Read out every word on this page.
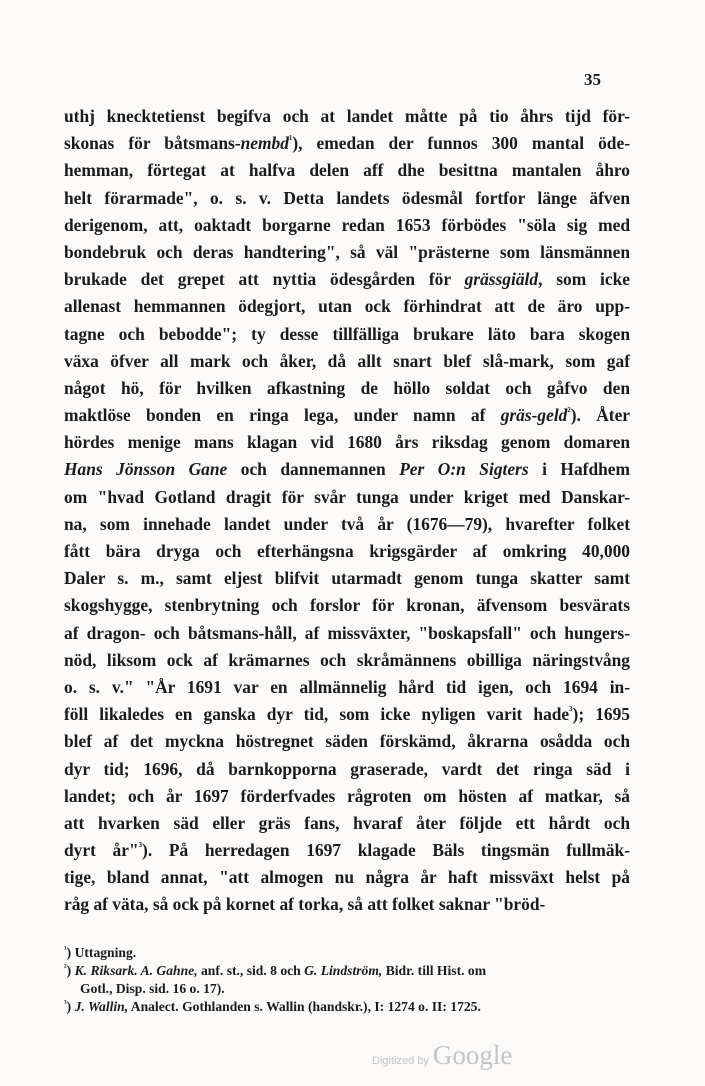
35
uthj knecktetienst begifva och at landet måtte på tio åhrs tijd för-
skonas för båtsmans-nembd$^{^1}$), emedan der funnos 300 mantal öde-
hemman, förtegat at halfva delen aff dhe besittna mantalen åhro
helt förarmade", o. s. v. Detta landets ödesmål fortfor länge äfven
derigenom, att, oaktadt borgarne redan 1653 förbödes "söla sig med
bondebruk och deras handtering", så väl "prästerne som länsmännen
brukade det grepet att nyttia ödesgården för grässgiäld, som icke
allenast hemmannen ödegjort, utan ock förhindrat att de äro upp-
tagne och bebodde"; ty desse tillfälliga brukare läto bara skogen
växa öfver all mark och åker, då allt snart blef slå-mark, som gaf
något hö, för hvilken afkastning de höllo soldat och gåfvo den
maktlöse bonden en ringa lega, under namn af gräs-geld$^{^2}$). Åter
hördes menige mans klagan vid 1680 års riksdag genom domaren
Hans Jönsson Gane och dannemannen Per O:n Sigters i Hafdhem
om "hvad Gotland dragit för svår tunga under kriget med Danskar-
na, som innehade landet under två år (1676—79), hvarefter folket
fått bära dryga och efterhängsna krigsgärder af omkring 40,000
Daler s. m., samt eljest blifvit utarmadt genom tunga skatter samt
skogshygge, stenbrytning och forslor för kronan, äfvensom besvärats
af dragon- och båtsmans-håll, af missväxter, "boskapsfall" och hungers-
nöd, liksom ock af krämarnes och skråmännens obilliga näringstvång
o. s. v." "År 1691 var en allmännelig hård tid igen, och 1694 in-
föll likaledes en ganska dyr tid, som icke nyligen varit hade$^{^3}$); 1695
blef af det myckna höstregnet säden förskämd, åkrarna osådda och
dyr tid; 1696, då barnkopporna graserade, vardt det ringa säd i
landet; och år 1697 förderfvades rågroten om hösten af matkar, så
att hvarken säd eller gräs fans, hvaraf åter följde ett hårdt och
dyrt år"$^{^3}$). På herredagen 1697 klagade Bäls tingsmän fullmäk-
tige, bland annat, "att almogen nu några år haft missväxt helst på
råg af väta, så ock på kornet af torka, så att folket saknar "bröd-
$^{^1}$) Uttagning.
$^{^2}$) K. Riksark. A. Gahne, anf. st., sid. 8 och G. Lindström, Bidr. till Hist. om
Gotl., Disp. sid. 16 o. 17).
$^{^3}$) J. Wallin, Analect. Gothlanden s. Wallin (handskr.), I: 1274 o. II: 1725.
Digitized by Google
